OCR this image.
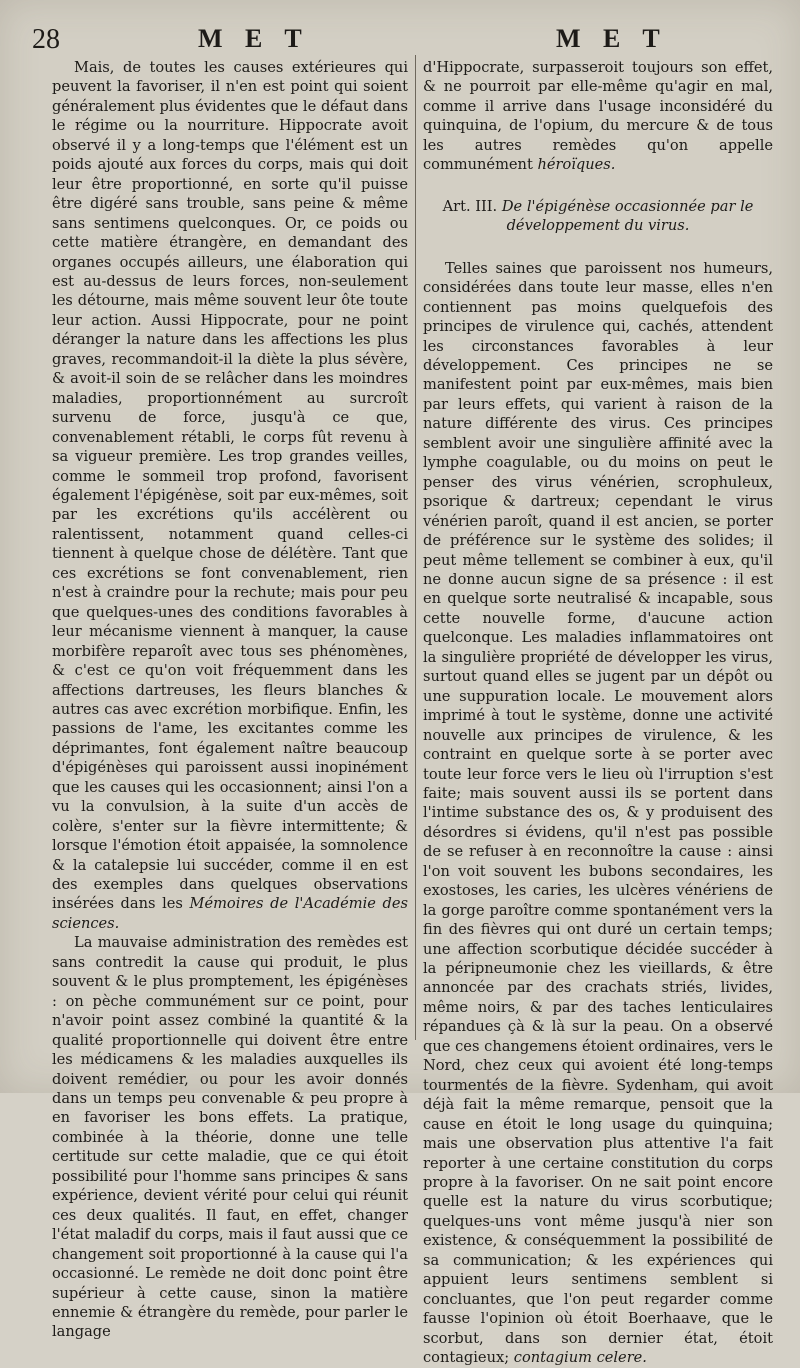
28	M E T	M E T

Mais, de toutes les causes extérieures qui peuvent la favoriser, il n'en est point qui soient généralement plus évidentes que le défaut dans le régime ou la nourriture. Hippocrate avoit observé il y a long-temps que l'élément est un poids ajouté aux forces du corps, mais qui doit leur être proportionné, en sorte qu'il puisse être digéré sans trouble, sans peine & même sans sentimens quelconques. Or, ce poids ou cette matière étrangère, en demandant des organes occupés ailleurs, une élaboration qui est au-dessus de leurs forces, non-seulement les détourne, mais même souvent leur ôte toute leur action. Aussi Hippocrate, pour ne point déranger la nature dans les affections les plus graves, recommandoit-il la diète la plus sévère, & avoit-il soin de se relâcher dans les moindres maladies, proportionnément au surcroît survenu de force, jusqu'à ce que, convenablement rétabli, le corps fût revenu à sa vigueur première. Les trop grandes veilles, comme le sommeil trop profond, favorisent également l'épigénèse, soit par eux-mêmes, soit par les excrétions qu'ils accélèrent ou ralentissent, notamment quand celles-ci tiennent à quelque chose de délétère. Tant que ces excrétions se font convenablement, rien n'est à craindre pour la rechute; mais pour peu que quelques-unes des conditions favorables à leur mécanisme viennent à manquer, la cause morbifère reparoît avec tous ses phénomènes, & c'est ce qu'on voit fréquemment dans les affections dartreuses, les fleurs blanches & autres cas avec excrétion morbifique. Enfin, les passions de l'ame, les excitantes comme les déprimantes, font également naître beaucoup d'épigénèses qui paroissent aussi inopinément que les causes qui les occasionnent; ainsi l'on a vu la convulsion, à la suite d'un accès de colère, s'enter sur la fièvre intermittente; & lorsque l'émotion étoit appaisée, la somnolence & la catalepsie lui succéder, comme il en est des exemples dans quelques observations insérées dans les Mémoires de l'Académie des sciences.

La mauvaise administration des remèdes est sans contredit la cause qui produit, le plus souvent & le plus promptement, les épigénèses : on pèche communément sur ce point, pour n'avoir point assez combiné la quantité & la qualité proportionnelle qui doivent être entre les médicamens & les maladies auxquelles ils doivent remédier, ou pour les avoir donnés dans un temps peu convenable & peu propre à en favoriser les bons effets. La pratique, combinée à la théorie, donne une telle certitude sur cette maladie, que ce qui étoit possibilité pour l'homme sans principes & sans expérience, devient vérité pour celui qui réunit ces deux qualités. Il faut, en effet, changer l'état maladif du corps, mais il faut aussi que ce changement soit proportionné à la cause qui l'a occasionné. Le remède ne doit donc point être supérieur à cette cause, sinon la matière ennemie & étrangère du remède, pour parler le langage

d'Hippocrate, surpasseroit toujours son effet, & ne pourroit par elle-même qu'agir en mal, comme il arrive dans l'usage inconsidéré du quinquina, de l'opium, du mercure & de tous les autres remèdes qu'on appelle communément héroïques.

Art. III. De l'épigénèse occasionnée par le développement du virus.

Telles saines que paroissent nos humeurs, considérées dans toute leur masse, elles n'en contiennent pas moins quelquefois des principes de virulence qui, cachés, attendent les circonstances favorables à leur développement. Ces principes ne se manifestent point par eux-mêmes, mais bien par leurs effets, qui varient à raison de la nature différente des virus. Ces principes semblent avoir une singulière affinité avec la lymphe coagulable, ou du moins on peut le penser des virus vénérien, scrophuleux, psorique & dartreux; cependant le virus vénérien paroît, quand il est ancien, se porter de préférence sur le système des solides; il peut même tellement se combiner à eux, qu'il ne donne aucun signe de sa présence : il est en quelque sorte neutralisé & incapable, sous cette nouvelle forme, d'aucune action quelconque. Les maladies inflammatoires ont la singulière propriété de développer les virus, surtout quand elles se jugent par un dépôt ou une suppuration locale. Le mouvement alors imprimé à tout le système, donne une activité nouvelle aux principes de virulence, & les contraint en quelque sorte à se porter avec toute leur force vers le lieu où l'irruption s'est faite; mais souvent aussi ils se portent dans l'intime substance des os, & y produisent des désordres si évidens, qu'il n'est pas possible de se refuser à en reconnoître la cause : ainsi l'on voit souvent les bubons secondaires, les exostoses, les caries, les ulcères vénériens de la gorge paroître comme spontanément vers la fin des fièvres qui ont duré un certain temps; une affection scorbutique décidée succéder à la péripneumonie chez les vieillards, & être annoncée par des crachats striés, livides, même noirs, & par des taches lenticulaires répandues çà & là sur la peau. On a observé que ces changemens étoient ordinaires, vers le Nord, chez ceux qui avoient été long-temps tourmentés de la fièvre. Sydenham, qui avoit déjà fait la même remarque, pensoit que la cause en étoit le long usage du quinquina; mais une observation plus attentive l'a fait reporter à une certaine constitution du corps propre à la favoriser. On ne sait point encore quelle est la nature du virus scorbutique; quelques-uns vont même jusqu'à nier son existence, & conséquemment la possibilité de sa communication; & les expériences qui appuient leurs sentimens semblent si concluantes, que l'on peut regarder comme fausse l'opinion où étoit Boerhaave, que le scorbut, dans son dernier état, étoit contagieux; contagium celere.
